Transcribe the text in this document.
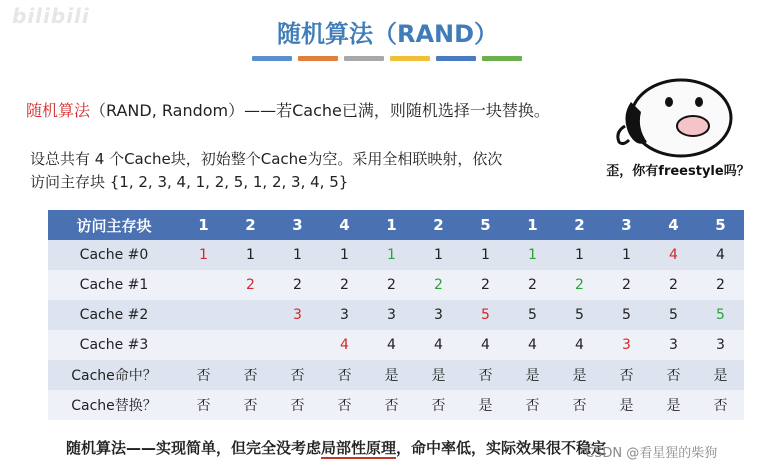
bilibili
随机算法（RAND）
随机算法（RAND, Random）——若Cache已满，则随机选择一块替换。
设总共有 4 个Cache块，初始整个Cache为空。采用全相联映射，依次
访问主存块 {1, 2, 3, 4, 1, 2, 5, 1, 2, 3, 4, 5}
歪，你有freestyle吗？
访问主存块	1	2	3	4	1	2	5	1	2	3	4	5
Cache #0	1	1	1	1	1	1	1	1	1	1	4	4
Cache #1		2	2	2	2	2	2	2	2	2	2	2
Cache #2			3	3	3	3	5	5	5	5	5	5
Cache #3				4	4	4	4	4	4	3	3	3
Cache命中？	否	否	否	否	是	是	否	是	是	否	否	是
Cache替换？	否	否	否	否	否	否	是	否	否	是	是	否
随机算法——实现简单，但完全没考虑局部性原理，命中率低，实际效果很不稳定
CSDN @看星猩的柴狗
